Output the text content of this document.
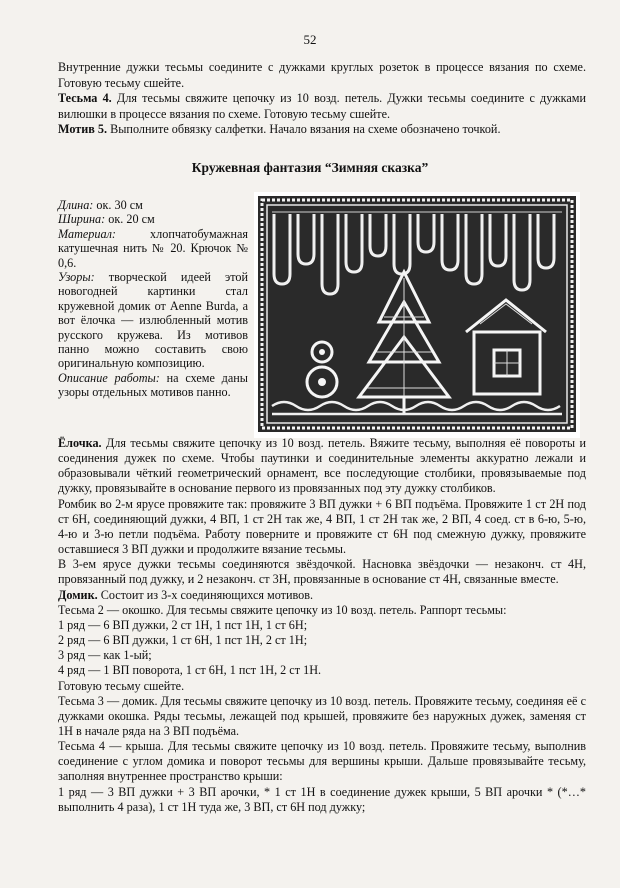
52

Внутренние дужки тесьмы соедините с дужками круглых розеток в процессе вязания по схеме. Готовую тесьму сшейте.

Тесьма 4. Для тесьмы свяжите цепочку из 10 возд. петель. Дужки тесьмы соедините с дужками вилюшки в процессе вязания по схеме. Готовую тесьму сшейте.

Мотив 5. Выполните обвязку салфетки. Начало вязания на схеме обозначено точкой.

Кружевная фантазия “Зимняя сказка”

Длина: ок. 30 см

Ширина: ок. 20 см

Материал: хлопчатобумажная катушечная нить № 20. Крючок № 0,6.

Узоры: творческой идеей этой новогодней картинки стал кружевной домик от Aenne Burda, а вот ёлочка — излюбленный мотив русского кружева. Из мотивов панно можно составить свою оригинальную композицию.

Описание работы: на схеме даны узоры отдельных мотивов панно.

Ёлочка. Для тесьмы свяжите цепочку из 10 возд. петель. Вяжите тесьму, выполняя её повороты и соединения дужек по схеме. Чтобы паутинки и соединительные элементы аккуратно лежали и образовывали чёткий геометрический орнамент, все последующие столбики, провязываемые под дужку, провязывайте в основание первого из провязанных под эту дужку столбиков.

Ромбик во 2-м ярусе провяжите так: провяжите 3 ВП дужки + 6 ВП подъёма. Провяжите 1 ст 2Н под ст 6Н, соединяющий дужки, 4 ВП, 1 ст 2Н так же, 4 ВП, 1 ст 2Н так же, 2 ВП, 4 соед. ст в 6-ю, 5-ю, 4-ю и 3-ю петли подъёма. Работу поверните и провяжите ст 6Н под смежную дужку, провяжите оставшиеся 3 ВП дужки и продолжите вязание тесьмы.

В 3-ем ярусе дужки тесьмы соединяются звёздочкой. Насновка звёздочки — незаконч. ст 4Н, провязанный под дужку, и 2 незаконч. ст 3Н, провязанные в основание ст 4Н, связанные вместе.

Домик. Состоит из 3-х соединяющихся мотивов.

Тесьма 2 — окошко. Для тесьмы свяжите цепочку из 10 возд. петель. Раппорт тесьмы:

1 ряд — 6 ВП дужки, 2 ст 1Н, 1 пст 1Н, 1 ст 6Н;

2 ряд — 6 ВП дужки, 1 ст 6Н, 1 пст 1Н, 2 ст 1Н;

3 ряд — как 1-ый;

4 ряд — 1 ВП поворота, 1 ст 6Н, 1 пст 1Н, 2 ст 1Н.

Готовую тесьму сшейте.

Тесьма 3 — домик. Для тесьмы свяжите цепочку из 10 возд. петель. Провяжите тесьму, соединяя её с дужками окошка. Ряды тесьмы, лежащей под крышей, провяжите без наружных дужек, заменяя ст 1Н в начале ряда на 3 ВП подъёма.

Тесьма 4 — крыша. Для тесьмы свяжите цепочку из 10 возд. петель. Провяжите тесьму, выполнив соединение с углом домика и поворот тесьмы для вершины крыши. Дальше провязывайте тесьму, заполняя внутреннее пространство крыши:

1 ряд — 3 ВП дужки + 3 ВП арочки, * 1 ст 1Н в соединение дужек крыши, 5 ВП арочки * (*…* выполнить 4 раза), 1 ст 1Н туда же, 3 ВП, ст 6Н под дужку;
